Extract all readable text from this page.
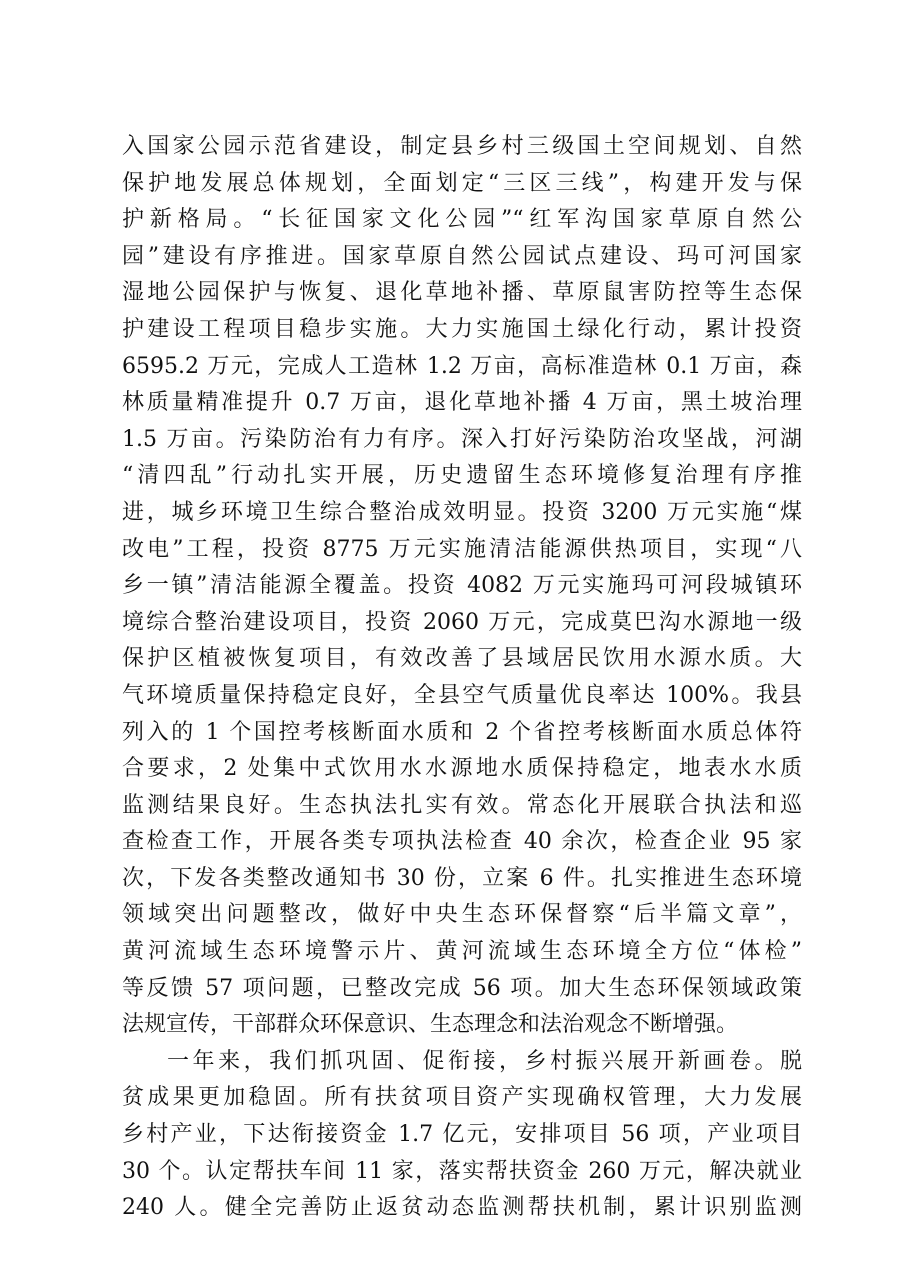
入国家公园示范省建设，制定县乡村三级国土空间规划、自然
保护地发展总体规划，全面划定“三区三线”，构建开发与保
护新格局。“长征国家文化公园”“红军沟国家草原自然公
园”建设有序推进。国家草原自然公园试点建设、玛可河国家
湿地公园保护与恢复、退化草地补播、草原鼠害防控等生态保
护建设工程项目稳步实施。大力实施国土绿化行动，累计投资
6595.2 万元，完成人工造林 1.2 万亩，高标准造林 0.1 万亩，森
林质量精准提升 0.7 万亩，退化草地补播 4 万亩，黑土坡治理
1.5 万亩。污染防治有力有序。深入打好污染防治攻坚战，河湖
“清四乱”行动扎实开展，历史遗留生态环境修复治理有序推
进，城乡环境卫生综合整治成效明显。投资 3200 万元实施“煤
改电”工程，投资 8775 万元实施清洁能源供热项目，实现“八
乡一镇”清洁能源全覆盖。投资 4082 万元实施玛可河段城镇环
境综合整治建设项目，投资 2060 万元，完成莫巴沟水源地一级
保护区植被恢复项目，有效改善了县域居民饮用水源水质。大
气环境质量保持稳定良好，全县空气质量优良率达 100%。我县
列入的 1 个国控考核断面水质和 2 个省控考核断面水质总体符
合要求，2 处集中式饮用水水源地水质保持稳定，地表水水质
监测结果良好。生态执法扎实有效。常态化开展联合执法和巡
查检查工作，开展各类专项执法检查 40 余次，检查企业 95 家
次，下发各类整改通知书 30 份，立案 6 件。扎实推进生态环境
领域突出问题整改，做好中央生态环保督察“后半篇文章”，
黄河流域生态环境警示片、黄河流域生态环境全方位“体检”
等反馈 57 项问题，已整改完成 56 项。加大生态环保领域政策
法规宣传，干部群众环保意识、生态理念和法治观念不断增强。
一年来，我们抓巩固、促衔接，乡村振兴展开新画卷。脱
贫成果更加稳固。所有扶贫项目资产实现确权管理，大力发展
乡村产业，下达衔接资金 1.7 亿元，安排项目 56 项，产业项目
30 个。认定帮扶车间 11 家，落实帮扶资金 260 万元，解决就业
240 人。健全完善防止返贫动态监测帮扶机制，累计识别监测
